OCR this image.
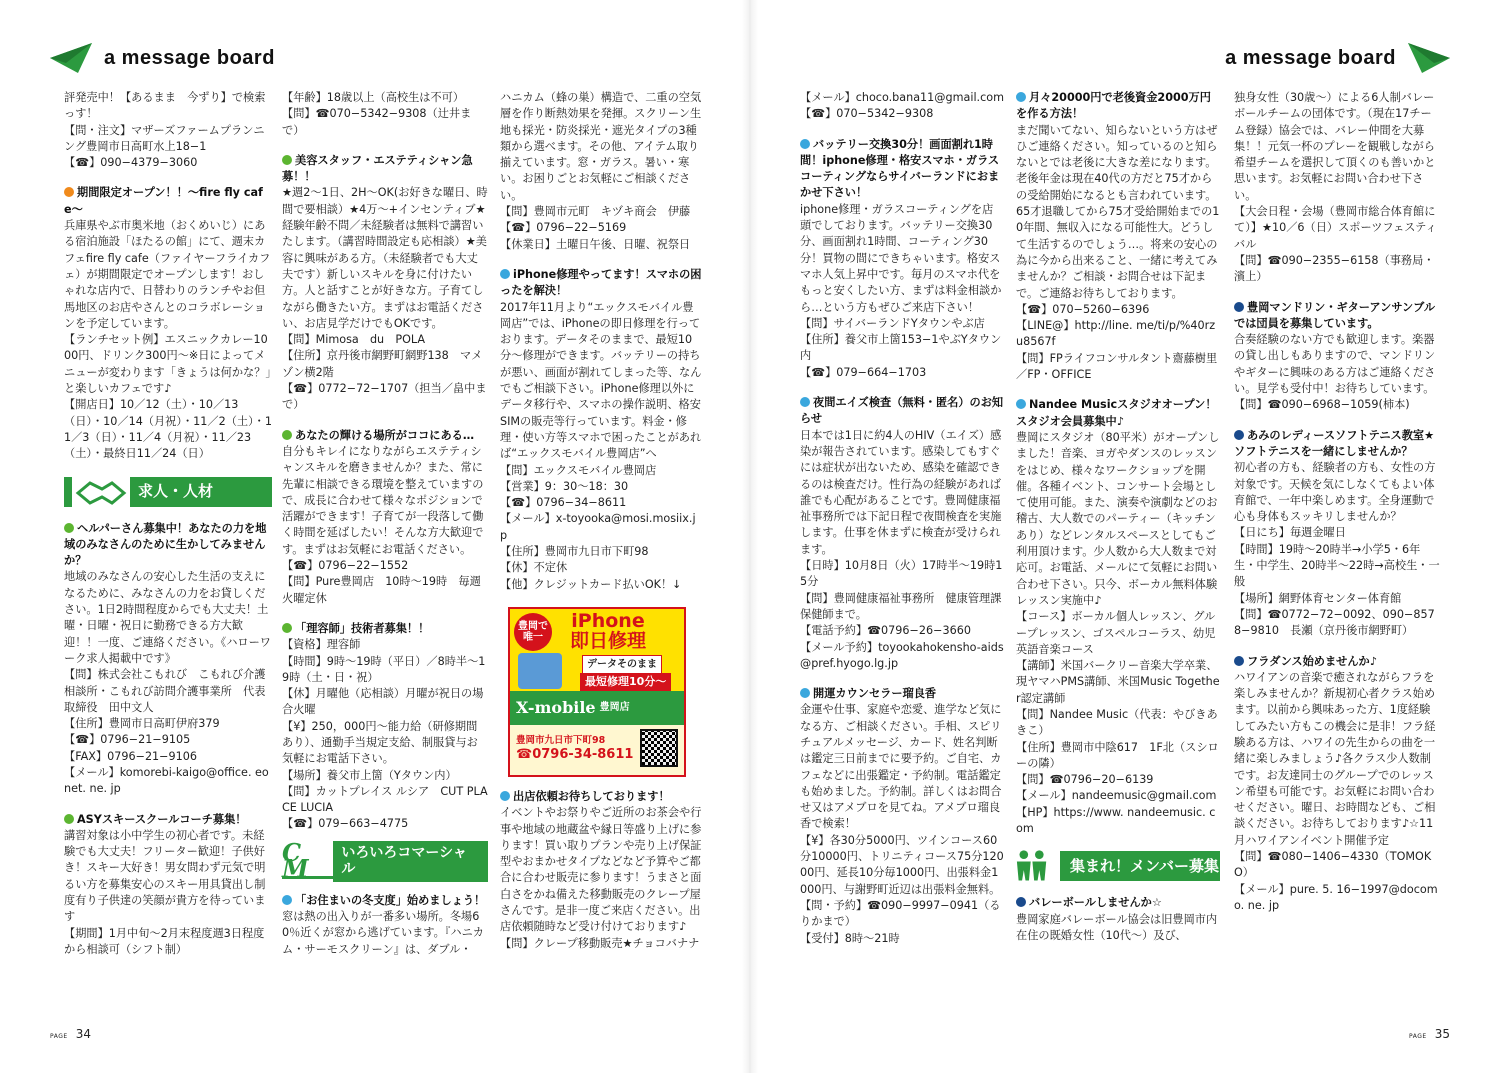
a message board	a message board

評発売中！【あるまま　今ずり】で検索っす！

【問・注文】マザーズファームプランニング豊岡市日高町水上18−1

【☎】090−4379−3060

期間限定オープン！！〜fire fly cafe〜

兵庫県やぶ市奥米地（おくめいじ）にある宿泊施設「ほたるの館」にて、週末カフェfire fly cafe（ファイヤーフライカフェ）が期間限定でオープンします！おしゃれな店内で、日替わりのランチやお但馬地区のお店やさんとのコラボレーションを予定しています。

【ランチセット例】エスニックカレー1000円、ドリンク300円〜※日によってメニューが変わります「きょうは何かな？」と楽しいカフェです♪

【開店日】10／12（土）・10／13（日）・10／14（月祝）・11／2（土）・11／3（日）・11／4（月祝）・11／23（土）・最終日11／24（日）

求人・人材
ヘルパーさん募集中！あなたの力を地域のみなさんのために生かしてみませんか？

地域のみなさんの安心した生活の支えになるために、みなさんの力をお貸しください。1日2時間程度からでも大丈夫！土曜・日曜・祝日に勤務できる方大歓迎！！一度、ご連絡ください。《ハローワーク求人掲載中です》

【問】株式会社こもれび　こもれび介護相談所・こもれび訪問介護事業所　代表取締役　田中文人

【住所】豊岡市日高町伊府379

【☎】0796−21−9105

【FAX】0796−21−9106

【メール】komorebi-kaigo@office. eonet. ne. jp

ASYスキースクールコーチ募集！

講習対象は小中学生の初心者です。未経験でも大丈夫！フリーター歓迎！子供好き！スキー大好き！男女問わず元気で明るい方を募集安心のスキー用具貸出し制度有り子供達の笑顔が貴方を待っています

【期間】1月中旬〜2月末程度週3日程度から相談可（シフト制）

【年齢】18歳以上（高校生は不可）

【問】☎070−5342−9308（辻井まで）

美容スタッフ・エステティシャン急募！！

★週2〜1日、2H〜OK(お好きな曜日、時間で要相談）★4万〜+インセンティブ★経験年齢不問／未経験者は無料で講習いたします。（講習時間設定も応相談）★美容に興味がある方。（未経験者でも大丈夫です）新しいスキルを身に付けたい方。人と話すことが好きな方。子育てしながら働きたい方。まずはお電話ください、お店見学だけでもOKです。

【問】Mimosa　du　POLA

【住所】京丹後市網野町網野138　マメゾン横2階

【☎】0772−72−1707（担当／畠中まで）

あなたの輝ける場所がココにある…

自分もキレイになりながらエステティシャンスキルを磨きませんか？また、常に先輩に相談できる環境を整えていますので、成長に合わせて様々なポジションで活躍ができます！子育てが一段落して働く時間を延ばしたい！そんな方大歓迎です。まずはお気軽にお電話ください。

【☎】0796−22−1552

【問】Pure豊岡店　10時〜19時　毎週火曜定休

「理容師」技術者募集！！

【資格】理容師

【時間】9時〜19時（平日）／8時半〜19時（土・日・祝）

【休】月曜他（応相談）月曜が祝日の場合火曜

【¥】250，000円〜能力給（研修期間あり）、通勤手当規定支給、制服貸与お気軽にお電話下さい。

【場所】養父市上箇（Yタウン内）

【問】カットプレイス ルシア　CUT PLACE LUCIA

【☎】079−663−4775

CM
いろいろコマーシャル
「お住まいの冬支度」始めましょう！

窓は熱の出入りが一番多い場所。冬場60％近くが窓から逃げています。『ハニカム・サーモスクリーン』は、ダブル・

ハニカム（蜂の巣）構造で、二重の空気層を作り断熱効果を発揮。スクリーン生地も採光・防炎採光・遮光タイプの3種類から選べます。その他、アイテム取り揃えています。窓・ガラス。暑い・寒い。お困りごとお気軽にご相談ください。

【問】豊岡市元町　キヅキ商会　伊藤

【☎】0796−22−5169

【休業日】土曜日午後、日曜、祝祭日

iPhone修理やってます！スマホの困ったを解決！

2017年11月より“エックスモバイル豊岡店”では、iPhoneの即日修理を行っております。データそのままで、最短10分〜修理ができます。バッテリーの持ちが悪い、画面が割れてしまった等、なんでもご相談下さい。iPhone修理以外にデータ移行や、スマホの操作説明、格安SIMの販売等行っています。料金・修理・使い方等スマホで困ったことがあれば“エックスモバイル豊岡店”へ

【問】エックスモバイル豊岡店

【営業】9：30〜18：30

【☎】0796−34−8611

【メール】x-toyooka@mosi.mosiix.jp

【住所】豊岡市九日市下町98

【休】不定休

【他】クレジットカード払いOK！↓

豊岡で唯一
iPhone
即日修理
データそのまま
最短修理10分〜
X-mobile 豊岡店
豊岡市九日市下町98
☎0796-34-8611
出店依頼お待ちしております！

イベントやお祭りやご近所のお茶会や行事や地域の地蔵盆や縁日等盛り上げに参ります！買い取りプランや売り上げ保証型やおまかせタイプなどなど予算やご都合に合わせ販売に参ります！うまさと面白さをかね備えた移動販売のクレープ屋さんです。是非一度ご来店ください。出店依頼随時など受け付けております♪

【問】クレープ移動販売★チョコバナナ

【メール】choco.bana11@gmail.com

【☎】070−5342−9308

バッテリー交換30分！画面割れ1時間！iphone修理・格安スマホ・ガラスコーティングならサイバーランドにおまかせ下さい！

iphone修理・ガラスコーティングを店頭でしております。バッテリー交換30分、画面割れ1時間、コーティング30分！買物の間にできちゃいます。格安スマホ人気上昇中です。毎月のスマホ代をもっと安くしたい方、まずは料金相談から…という方もぜひご来店下さい！

【問】サイバーランドYタウンやぶ店

【住所】養父市上箇153−1やぶYタウン内

【☎】079−664−1703

夜間エイズ検査（無料・匿名）のお知らせ

日本では1日に約4人のHIV（エイズ）感染が報告されています。感染してもすぐには症状が出ないため、感染を確認できるのは検査だけ。性行為の経験があれば誰でも心配があることです。豊岡健康福祉事務所では下記日程で夜間検査を実施します。仕事を休まずに検査が受けられます。

【日時】10月8日（火）17時半〜19時15分

【問】豊岡健康福祉事務所　健康管理課　保健師まで。

【電話予約】☎0796−26−3660

【メール予約】toyookahokensho-aids@pref.hyogo.lg.jp

開運カウンセラー瑠良香

金運や仕事、家庭や恋愛、進学など気になる方、ご相談ください。手相、スピリチュアルメッセージ、カード、姓名判断は鑑定三日前までに要予約。ご自宅、カフェなどに出張鑑定・予約制。電話鑑定も始めました。予約制。詳しくはお問合せ又はアメブロを見てね。アメブロ瑠良香で検索！

【¥】各30分5000円、ツインコース60分10000円、トリニティコース75分12000円、延長10分毎1000円、出張料金1000円、与謝野町近辺は出張料金無料。

【問・予約】☎090−9997−0941（るりかまで）

【受付】8時〜21時

月々20000円で老後資金2000万円を作る方法！

まだ聞いてない、知らないという方はぜひご連絡ください。知っているのと知らないとでは老後に大きな差になります。老後年金は現在40代の方だと75才からの受給開始になるとも言われています。65才退職してから75才受給開始までの10年間、無収入になる可能性大。どうして生活するのでしょう…。将来の安心の為に今から出来ること、一緒に考えてみませんか？ご相談・お問合せは下記まで。ご連絡お待ちしております。

【☎】070−5260−6396

【LINE@】http://line. me/ti/p/%40rzu8567f

【問】FPライフコンサルタント齋藤樹里／FP・OFFICE

Nandee Musicスタジオオープン！スタジオ会員募集中♪

豊岡にスタジオ（80平米）がオープンしました！音楽、ヨガやダンスのレッスンをはじめ、様々なワークショップを開催。各種イベント、コンサート会場として使用可能。また、演奏や演劇などのお稽古、大人数でのパーティー（キッチンあり）などレンタルスペースとしてもご利用頂けます。少人数から大人数まで対応可。お電話、メールにて気軽にお問い合わせ下さい。只今、ボーカル無料体験レッスン実施中♪

【コース】ボーカル個人レッスン、グループレッスン、ゴスペルコーラス、幼児英語音楽コース

【講師】米国バークリー音楽大学卒業、現ヤマハPMS講師、米国Music Together認定講師

【問】Nandee Music（代表：やびきあきこ）

【住所】豊岡市中陰617　1F北（スシローの隣）

【問】☎0796−20−6139

【メール】nandeemusic@gmail.com

【HP】https://www. nandeemusic. com

集まれ！メンバー募集
バレーボールしませんか☆

豊岡家庭バレーボール協会は旧豊岡市内在住の既婚女性（10代〜）及び、

独身女性（30歳〜）による6人制バレーボールチームの団体です。（現在17チーム登録）協会では、バレー仲間を大募集！！元気一杯のプレーを観戦しながら希望チームを選択して頂くのも善いかと思います。お気軽にお問い合わせ下さい。

【大会日程・会場（豊岡市総合体育館にて）】★10／6（日）スポーツフェスティバル

【問】☎090−2355−6158（事務局・濱上）

豊岡マンドリン・ギターアンサンブルでは団員を募集しています。

合奏経験のない方でも歓迎します。楽器の貸し出しもありますので、マンドリンやギターに興味のある方はご連絡ください。見学も受付中！お待ちしています。

【問】☎090−6968−1059(柿本)

あみのレディースソフトテニス教室★ソフトテニスを一緒にしませんか？

初心者の方も、経験者の方も、女性の方対象です。天候を気にしなくてもよい体育館で、一年中楽しめます。全身運動で心も身体もスッキリしませんか？

【日にち】毎週金曜日

【時間】19時〜20時半→小学5・6年生・中学生、20時半〜22時→高校生・一般

【場所】網野体育センター体育館

【問】☎0772−72−0092、090−8578−9810　長瀬（京丹後市網野町）

フラダンス始めませんか♪

ハワイアンの音楽で癒されながらフラを楽しみませんか？新規初心者クラス始めます。以前から興味あった方、1度経験してみたい方もこの機会に是非！フラ経験ある方は、ハワイの先生からの曲を一緒に楽しみましょう♪各クラス少人数制です。お友達同士のグループでのレッスン希望も可能です。お気軽にお問い合わせください。曜日、お時間なども、ご相談ください。お待ちしております♪☆11月ハワイアンイベント開催予定

【問】☎080−1406−4330（TOMOKO）

【メール】pure. 5. 16−1997@docomo. ne. jp

PAGE 34	PAGE 35
